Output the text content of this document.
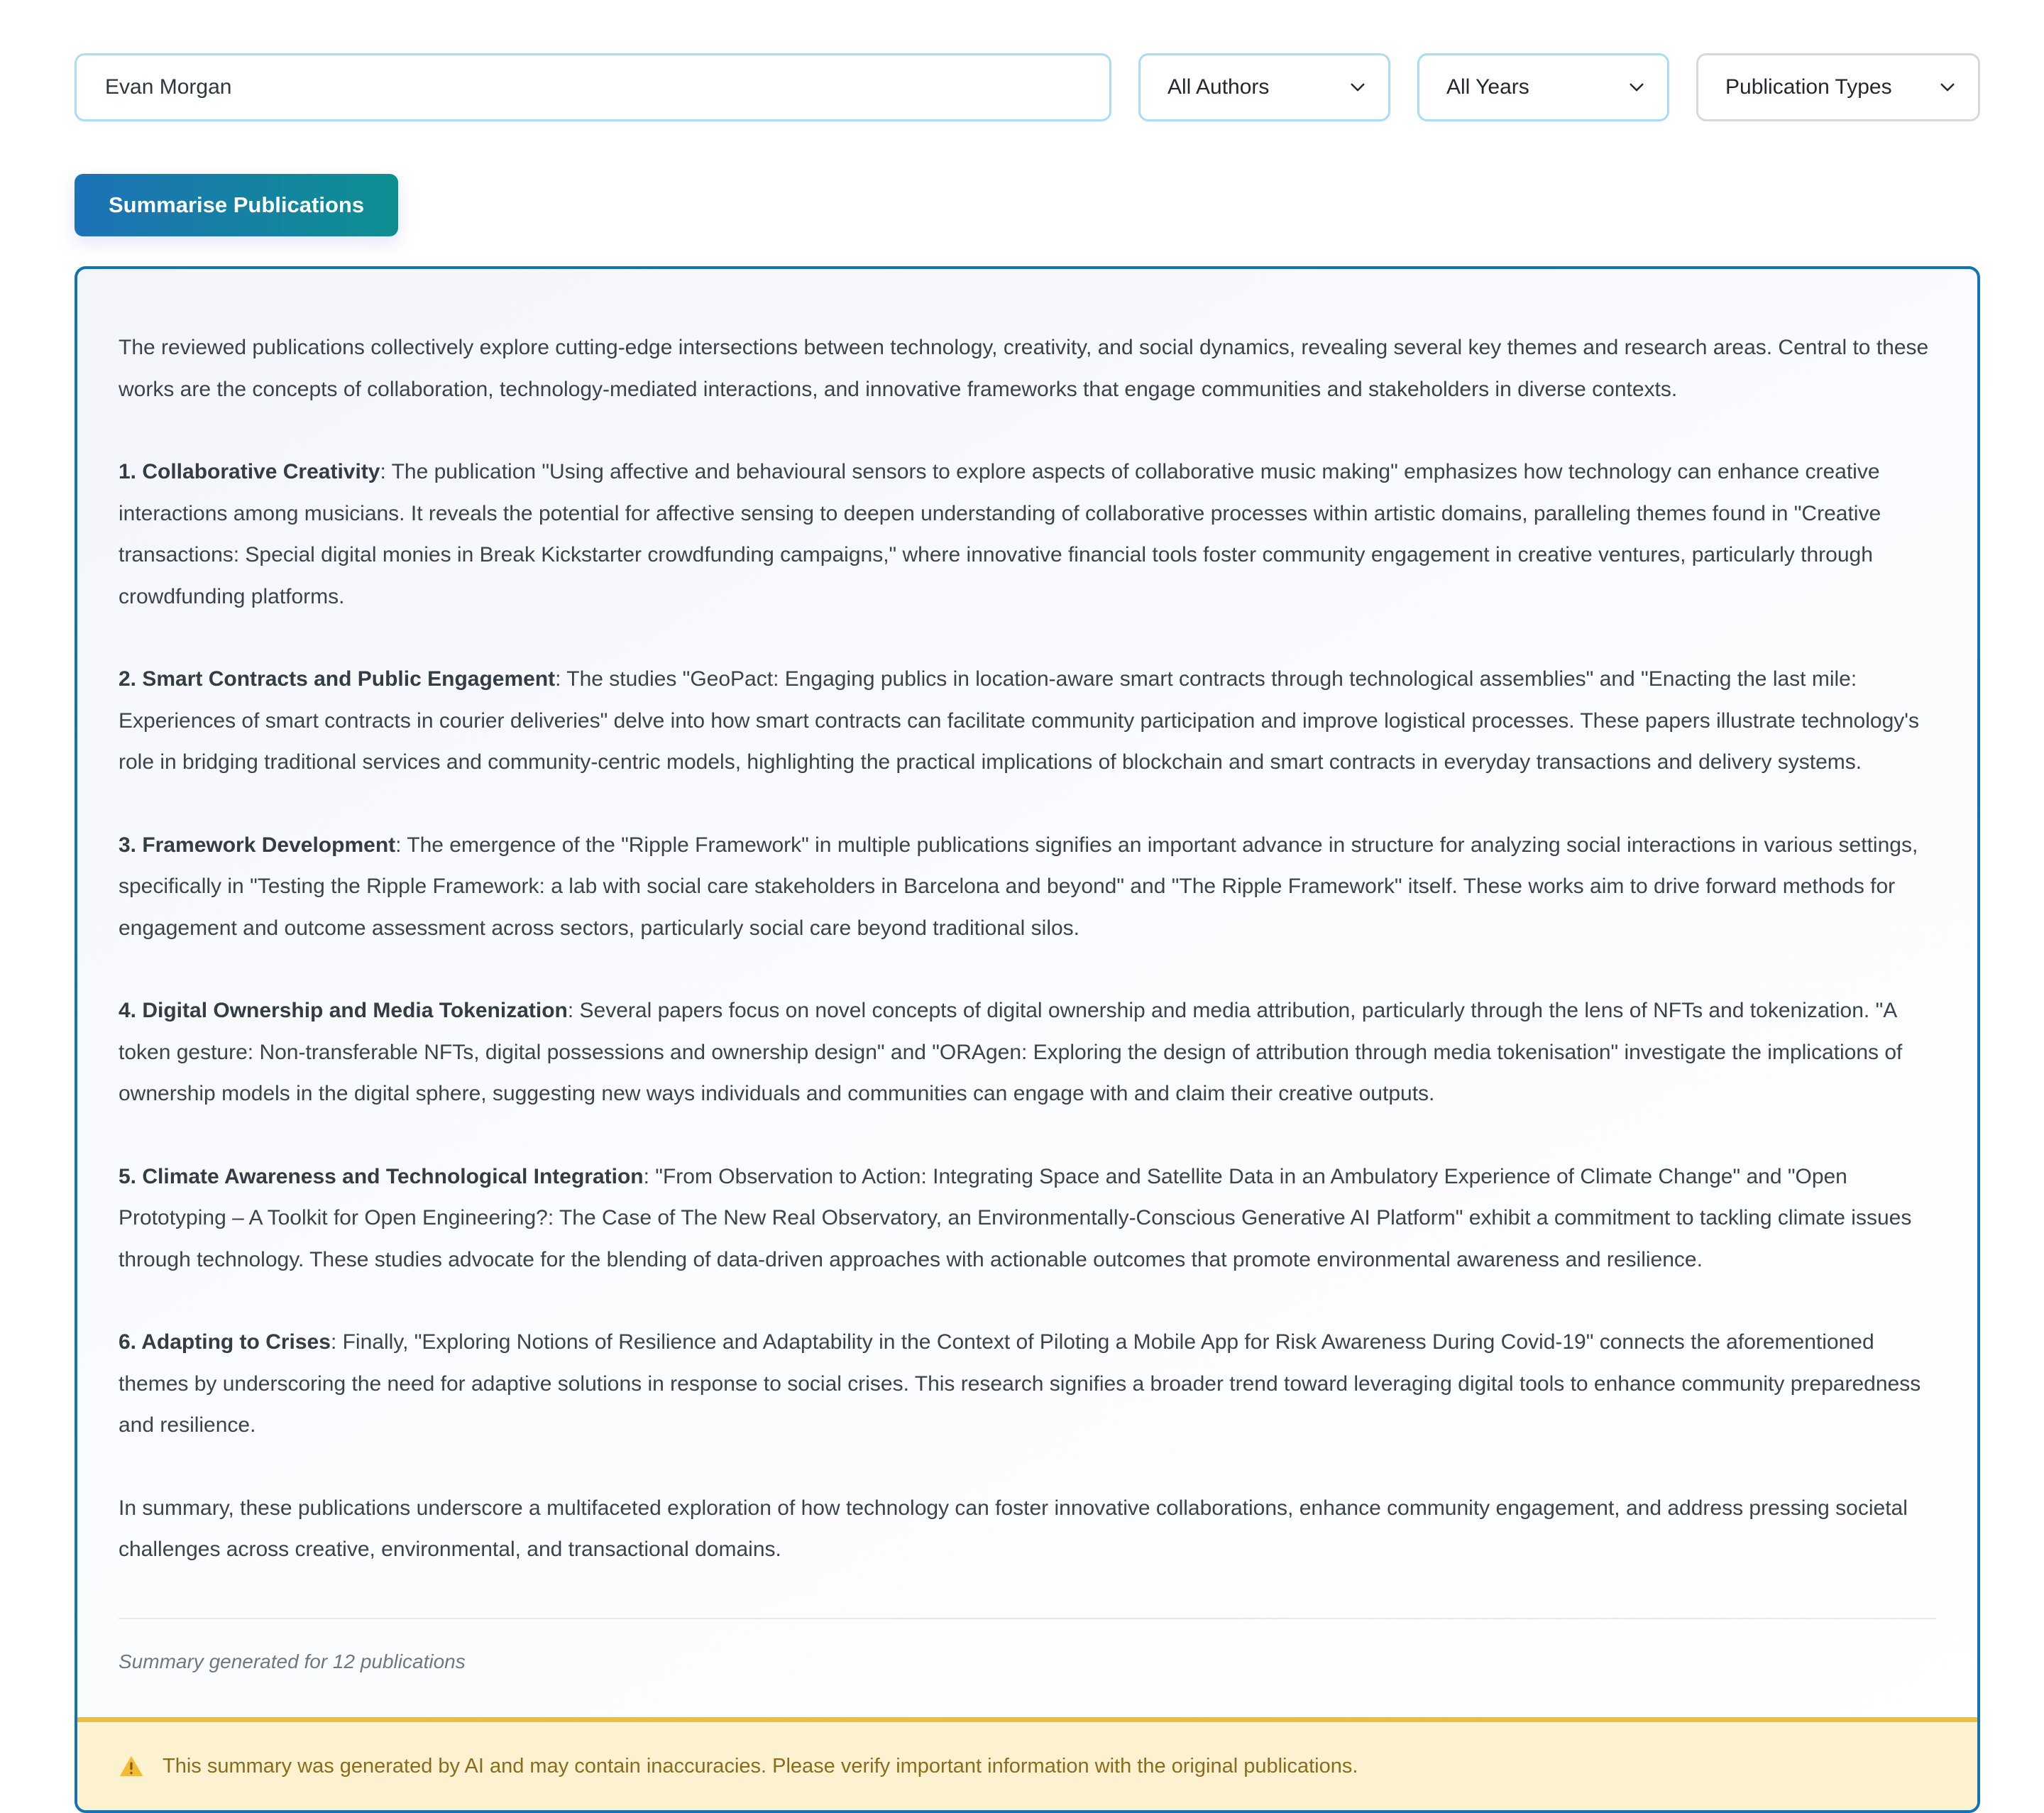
Evan Morgan
All Authors	All Years	Publication Types
Summarise Publications

The reviewed publications collectively explore cutting-edge intersections between technology, creativity, and social dynamics, revealing several key themes and research areas. Central to these works are the concepts of collaboration, technology-mediated interactions, and innovative frameworks that engage communities and stakeholders in diverse contexts.

1. Collaborative Creativity: The publication "Using affective and behavioural sensors to explore aspects of collaborative music making" emphasizes how technology can enhance creative interactions among musicians. It reveals the potential for affective sensing to deepen understanding of collaborative processes within artistic domains, paralleling themes found in "Creative transactions: Special digital monies in Break Kickstarter crowdfunding campaigns," where innovative financial tools foster community engagement in creative ventures, particularly through crowdfunding platforms.

2. Smart Contracts and Public Engagement: The studies "GeoPact: Engaging publics in location-aware smart contracts through technological assemblies" and "Enacting the last mile: Experiences of smart contracts in courier deliveries" delve into how smart contracts can facilitate community participation and improve logistical processes. These papers illustrate technology's role in bridging traditional services and community-centric models, highlighting the practical implications of blockchain and smart contracts in everyday transactions and delivery systems.

3. Framework Development: The emergence of the "Ripple Framework" in multiple publications signifies an important advance in structure for analyzing social interactions in various settings, specifically in "Testing the Ripple Framework: a lab with social care stakeholders in Barcelona and beyond" and "The Ripple Framework" itself. These works aim to drive forward methods for engagement and outcome assessment across sectors, particularly social care beyond traditional silos.

4. Digital Ownership and Media Tokenization: Several papers focus on novel concepts of digital ownership and media attribution, particularly through the lens of NFTs and tokenization. "A token gesture: Non-transferable NFTs, digital possessions and ownership design" and "ORAgen: Exploring the design of attribution through media tokenisation" investigate the implications of ownership models in the digital sphere, suggesting new ways individuals and communities can engage with and claim their creative outputs.

5. Climate Awareness and Technological Integration: "From Observation to Action: Integrating Space and Satellite Data in an Ambulatory Experience of Climate Change" and "Open Prototyping – A Toolkit for Open Engineering?: The Case of The New Real Observatory, an Environmentally-Conscious Generative AI Platform" exhibit a commitment to tackling climate issues through technology. These studies advocate for the blending of data-driven approaches with actionable outcomes that promote environmental awareness and resilience.

6. Adapting to Crises: Finally, "Exploring Notions of Resilience and Adaptability in the Context of Piloting a Mobile App for Risk Awareness During Covid-19" connects the aforementioned themes by underscoring the need for adaptive solutions in response to social crises. This research signifies a broader trend toward leveraging digital tools to enhance community preparedness and resilience.

In summary, these publications underscore a multifaceted exploration of how technology can foster innovative collaborations, enhance community engagement, and address pressing societal challenges across creative, environmental, and transactional domains.

Summary generated for 12 publications

This summary was generated by AI and may contain inaccuracies. Please verify important information with the original publications.
